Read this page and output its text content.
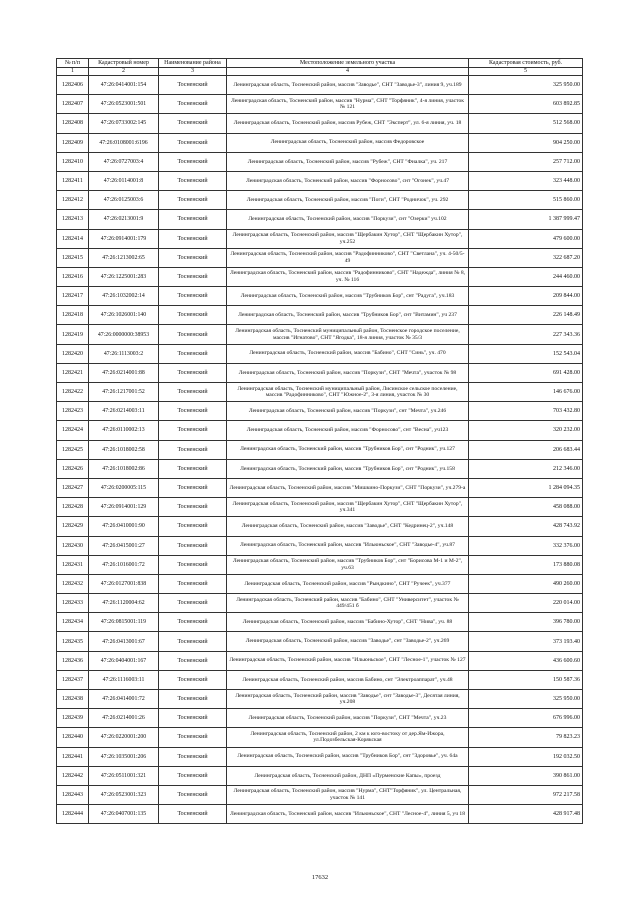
№ п/п	Кадастровый номер	Наименование района	Местоположение земельного участка	Кадастровая стоимость, руб.
1	2	3	4	5
1282406	47:26:0414001:154	Тосненский	Ленинградская область, Тосненский район, массив "Заводье", СНТ "Заводье-3", линия 9, уч.189	325 950.00
1282407	47:26:0523001:501	Тосненский	Ленинградская область, Тосненский район, массив "Нурма", СНТ "Торфяник", 4-я линия, участок № 121	603 892.85
1282408	47:26:0733002:145	Тосненский	Ленинградская область, Тосненский район, массив Рубеж, СНТ "Эксперт", ул. 6-я линия, уч. 18	512 568.00
1282409	47:26:0108001:6196	Тосненский	Ленинградская область, Тосненский район, массив Федоровское	904 250.00
1282410	47:26:0727003:4	Тосненский	Ленинградская область, Тосненский район, массив "Рубеж", СНТ "Фиалка", уч. 217	257 712.00
1282411	47:26:0114001:8	Тосненский	Ленинградская область, Тосненский район, массив "Форносово", снт "Огонек", уч.47	323 448.00
1282412	47:26:0125003:6	Тосненский	Ленинградская область, Тосненский район, массив "Поги", СНТ "Родничок", уч. 292	515 860.00
1282413	47:26:0213001:9	Тосненский	Ленинградская область, Тосненский район, массив "Поркузи", снт "Озерки" уч.102	1 387 999.47
1282414	47:26:0914001:179	Тосненский	Ленинградская область, Тосненский район, массив "Щербакин Хутор", СНТ "Щербакин Хутор", уч.252	479 600.00
1282415	47:26:1213002:65	Тосненский	Ленинградская область, Тосненский район, массив "Радофинниково", СНТ "Светлана", уч. 4-50/5-49	322 687.20
1282416	47:26:1225001:283	Тосненский	Ленинградская область, Тосненский район, массив "Радофинниково", СНТ "Надежда", линия № 8, уч. № 116	244 460.00
1282417	47:26:1032002:14	Тосненский	Ленинградская область, Тосненский район, массив "Трубников Бор", снт "Радуга", уч.183	209 844.00
1282418	47:26:1026001:140	Тосненский	Ленинградская область, Тосненский район, массив "Трубников Бор", снт "Витамин", уч 237	226 148.49
1282419	47:26:0000000:38953	Тосненский	Ленинградская область, Тосненский муниципальный район, Тосненское городское поселение, массив "Игнатово", СНТ "Ягодка", 18-я линия, участок № 35/3	227 343.36
1282420	47:26:1113003:2	Тосненский	Ленинградская область, Тосненский район, массив "Бабино", СНТ "Синь", уч. 470	152 543.04
1282421	47:26:0214001:88	Тосненский	Ленинградская область, Тосненский район, массив "Поркузи", СНТ "Мечта", участок № 98	691 428.00
1282422	47:26:1217001:52	Тосненский	Ленинградская область, Тосненский муниципальный район, Лисинское сельское поселение, массив "Радофинниково", СНТ "Южное-2", 3-я линия, участок № 30	146 676.00
1282423	47:26:0214003:11	Тосненский	Ленинградская область, Тосненский район, массив "Поркузи", снт "Мечта", уч.246	703 432.80
1282424	47:26:0110002:13	Тосненский	Ленинградская область, Тосненский район, массив "Форносово", снт "Весна", уч123	320 232.00
1282425	47:26:1018002:58	Тосненский	Ленинградская область, Тосненский район, массив "Трубников Бор", снт "Родник", уч.127	206 683.44
1282426	47:26:1018002:86	Тосненский	Ленинградская область, Тосненский район, массив "Трубников Бор", снт "Родник", уч.158	212 346.00
1282427	47:26:0200005:115	Тосненский	Ленинградская область, Тосненский район, массив "Мишкино-Поркузи", СНТ "Поркузи", уч.279-а	1 284 094.35
1282428	47:26:0914001:129	Тосненский	Ленинградская область, Тосненский район, массив "Щербакин Хутор", СНТ "Щербакин Хутор", уч.341	458 088.00
1282429	47:26:0410001:90	Тосненский	Ленинградская область, Тосненский район, массив "Заводье", СНТ "Кедринец-2", уч.148	428 743.92
1282430	47:26:0415001:27	Тосненский	Ленинградская область, Тосненский район, массив "Ильюньское", СНТ "Заводье-4", уч.87	332 376.00
1282431	47:26:1016001:72	Тосненский	Ленинградская область, Тосненский район, массив "Трубников Бор", снт "Борисова М-1 и М-2", уч.63	173 880.08
1282432	47:26:0127001:838	Тосненский	Ленинградская область, Тосненский район, массив "Рындкино", СНТ "Ручеек", уч.377	490 260.00
1282433	47:26:1120004:62	Тосненский	Ленинградская область, Тосненский район, массив "Бабино", СНТ "Университет", участок № 449/451 б	220 014.00
1282434	47:26:0815001:119	Тосненский	Ленинградская область, Тосненский район, массив "Бабино-Хутор", СНТ "Нива", уч. 88	396 780.00
1282435	47:26:0413001:67	Тосненский	Ленинградская область, Тосненский район, массив "Заводье", снт "Заводье-2", уч.269	373 193.40
1282436	47:26:0404001:167	Тосненский	Ленинградская область, Тосненский район, массив "Ильюньское", СНТ "Лесное-1", участок № 127	436 600.60
1282437	47:26:1116003:11	Тосненский	Ленинградская область, Тосненский район, массив Бабино, снт "Электроаппарат", уч.48	150 587.36
1282438	47:26:0414001:72	Тосненский	Ленинградская область, Тосненский район, массив "Заводье", снт "Заводье-3", Десятая линия, уч.208	325 950.00
1282439	47:26:0214001:26	Тосненский	Ленинградская область, Тосненский район, массив "Поркузи", СНТ "Мечта", уч.23	676 996.00
1282440	47:26:0220001:200	Тосненский	Ленинградская область, Тосненский район, 2 км к юго-востоку от дер.Ям-Ижора, ул.Подозбельская-Корякская	79 823.23
1282441	47:26:1035001:206	Тосненский	Ленинградская область, Тосненский район, массив "Трубников Бор", снт "Здоровье", уч. 64а	192 032.50
1282442	47:26:0511001:321	Тосненский	Ленинградская область, Тосненский район, ДНП «Пурменские Капы», проезд	390 861.00
1282443	47:26:0523001:323	Тосненский	Ленинградская область, Тосненский район, массив "Нурма", СНТ"Торфяник", ул. Центральная, участок № 141	972 217.58
1282444	47:26:0407001:135	Тосненский	Ленинградская область, Тосненский район, массив "Ильюньское", СНТ "Лесное-4", линия 5, уч 18	428 917.48
17632
